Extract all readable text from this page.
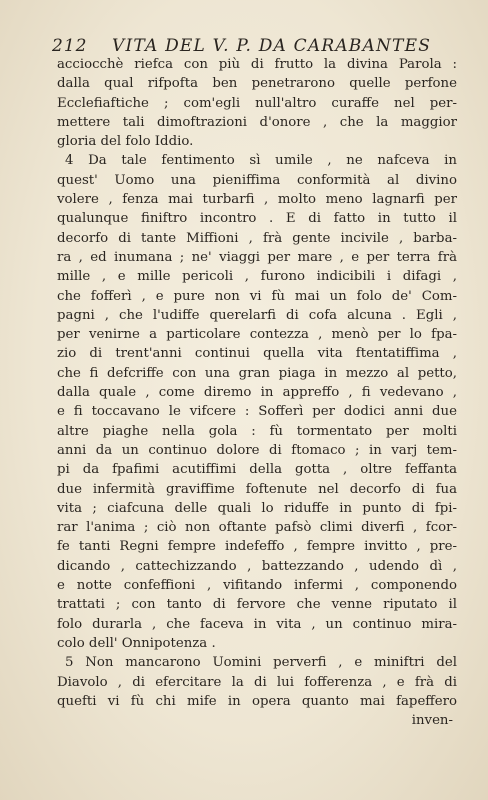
212 VITA DEL V. P. DA CARABANTES
acciocchè riefca con più di frutto la divina Parola :
dalla qual rifpofta ben penetrarono quelle perfone
Ecclefiaftiche ; com'egli null'altro curaffe nel per-
mettere tali dimoftrazioni d'onore , che la maggior
gloria del folo Iddio.
4 Da tale fentimento sì umile , ne nafceva in
quest' Uomo una pieniffima conformità al divino
volere , fenza mai turbarfi , molto meno lagnarfi per
qualunque finiftro incontro . E di fatto in tutto il
decorfo di tante Miffioni , frà gente incivile , barba-
ra , ed inumana ; ne' viaggi per mare , e per terra frà
mille , e mille pericoli , furono indicibili i difagi ,
che fofferì , e pure non vi fù mai un folo de' Com-
pagni , che l'udiffe querelarfi di cofa alcuna . Egli ,
per venirne a particolare contezza , menò per lo fpa-
zio di trent'anni continui quella vita ftentatiffima ,
che fi defcriffe con una gran piaga in mezzo al petto,
dalla quale , come diremo in appreffo , fi vedevano ,
e fi toccavano le vifcere : Sofferì per dodici anni due
altre piaghe nella gola : fù tormentato per molti
anni da un continuo dolore di ftomaco ; in varj tem-
pi da fpafimi acutiffimi della gotta , oltre feffanta
due infermità graviffime foftenute nel decorfo di fua
vita ; ciafcuna delle quali lo riduffe in punto di fpi-
rar l'anima ; ciò non oftante pafsò climi diverfi , fcor-
fe tanti Regni fempre indefeffo , fempre invitto , pre-
dicando , cattechizzando , battezzando , udendo dì ,
e notte confeffioni , vifitando infermi , componendo
trattati ; con tanto di fervore che venne riputato il
folo durarla , che faceva in vita , un continuo mira-
colo dell' Onnipotenza .
5 Non mancarono Uomini perverfi , e miniftri del
Diavolo , di efercitare la di lui fofferenza , e frà di
quefti vi fù chi mife in opera quanto mai fapeffero
inven-
